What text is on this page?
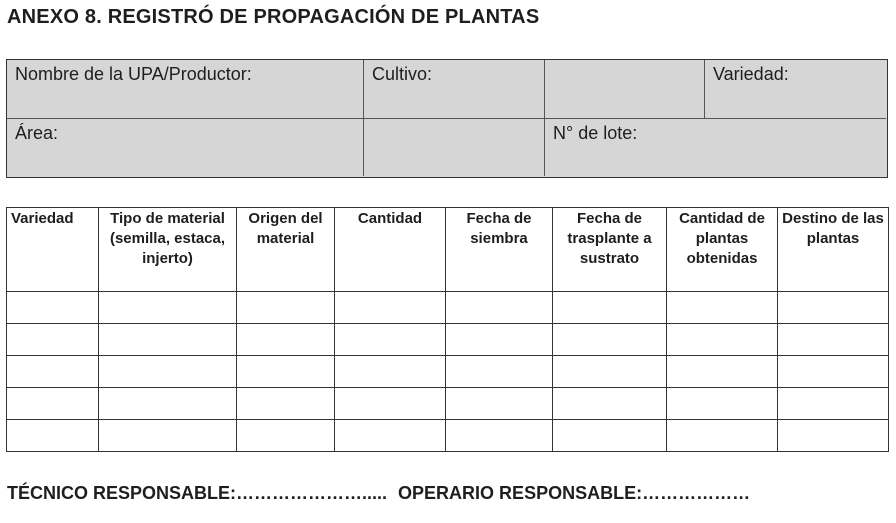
ANEXO 8. REGISTRÓ DE PROPAGACIÓN DE PLANTAS
Nombre de la UPA/Productor:	Cultivo:	Variedad:
Área:	N° de lote:
Variedad	Tipo de material (semilla, estaca, injerto)	Origen del material	Cantidad	Fecha de siembra	Fecha de trasplante a sustrato	Cantidad de plantas obtenidas	Destino de las plantas

TÉCNICO RESPONSABLE:…………………..... OPERARIO RESPONSABLE:………………
